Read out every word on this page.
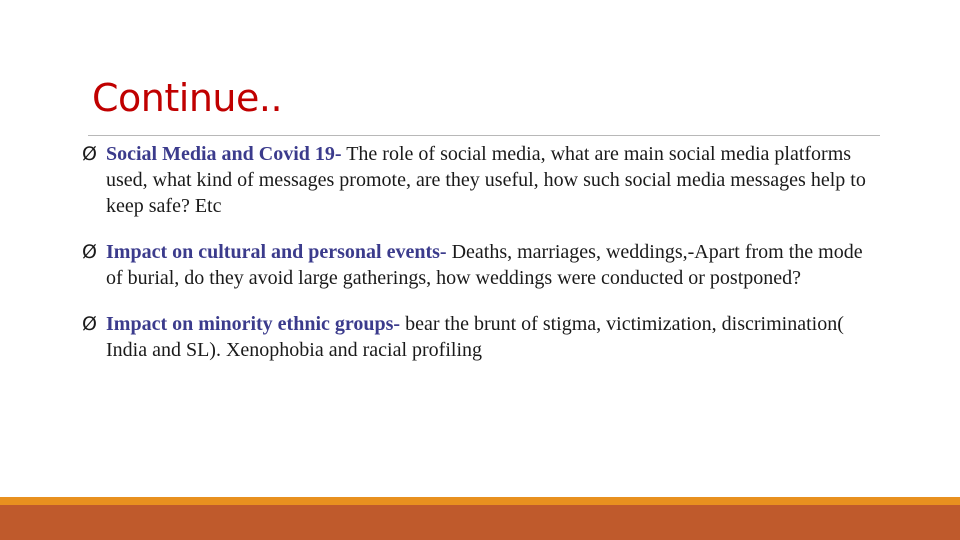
Continue..
Ø Social Media and Covid 19- The role of social media, what are main social media platforms used, what kind of messages promote, are they useful, how such social media messages help to keep safe? Etc
Ø Impact on cultural and personal events- Deaths, marriages, weddings,-Apart from the mode of burial, do they avoid large gatherings, how weddings were conducted or postponed?
Ø Impact on minority ethnic groups- bear the brunt of stigma, victimization, discrimination( India and SL). Xenophobia and racial profiling
